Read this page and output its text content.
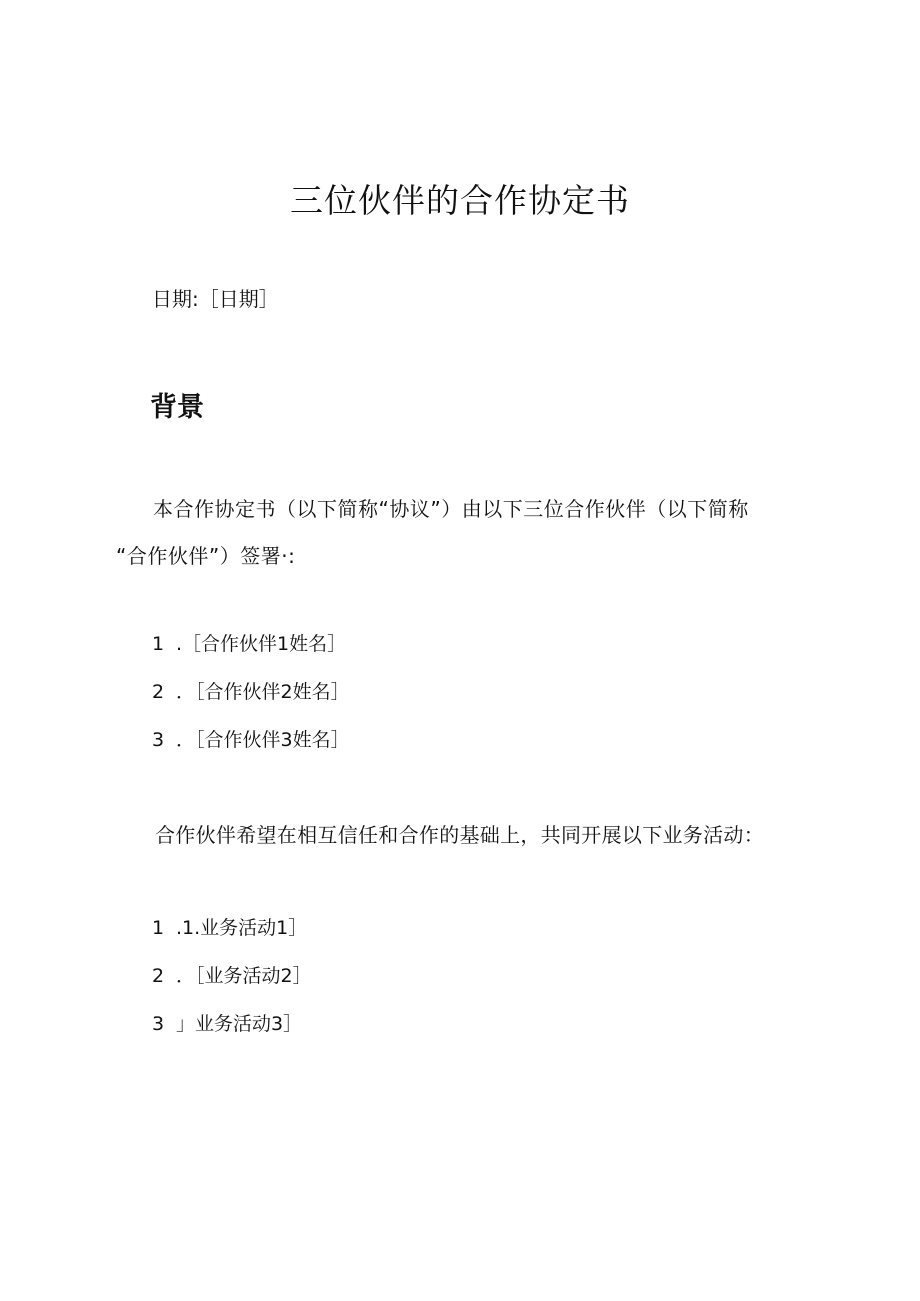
三位伙伴的合作协定书
日期:［日期］
背景

本合作协定书（以下简称“协议”）由以下三位合作伙伴（以下简称
“合作伙伴”）签署·:

1 .［合作伙伴1姓名］
2 ．［合作伙伴2姓名］
3 ．［合作伙伴3姓名］

合作伙伴希望在相互信任和合作的基础上，共同开展以下业务活动：

1 .1.业务活动1］
2 ．［业务活动2］
3 」业务活动3］
